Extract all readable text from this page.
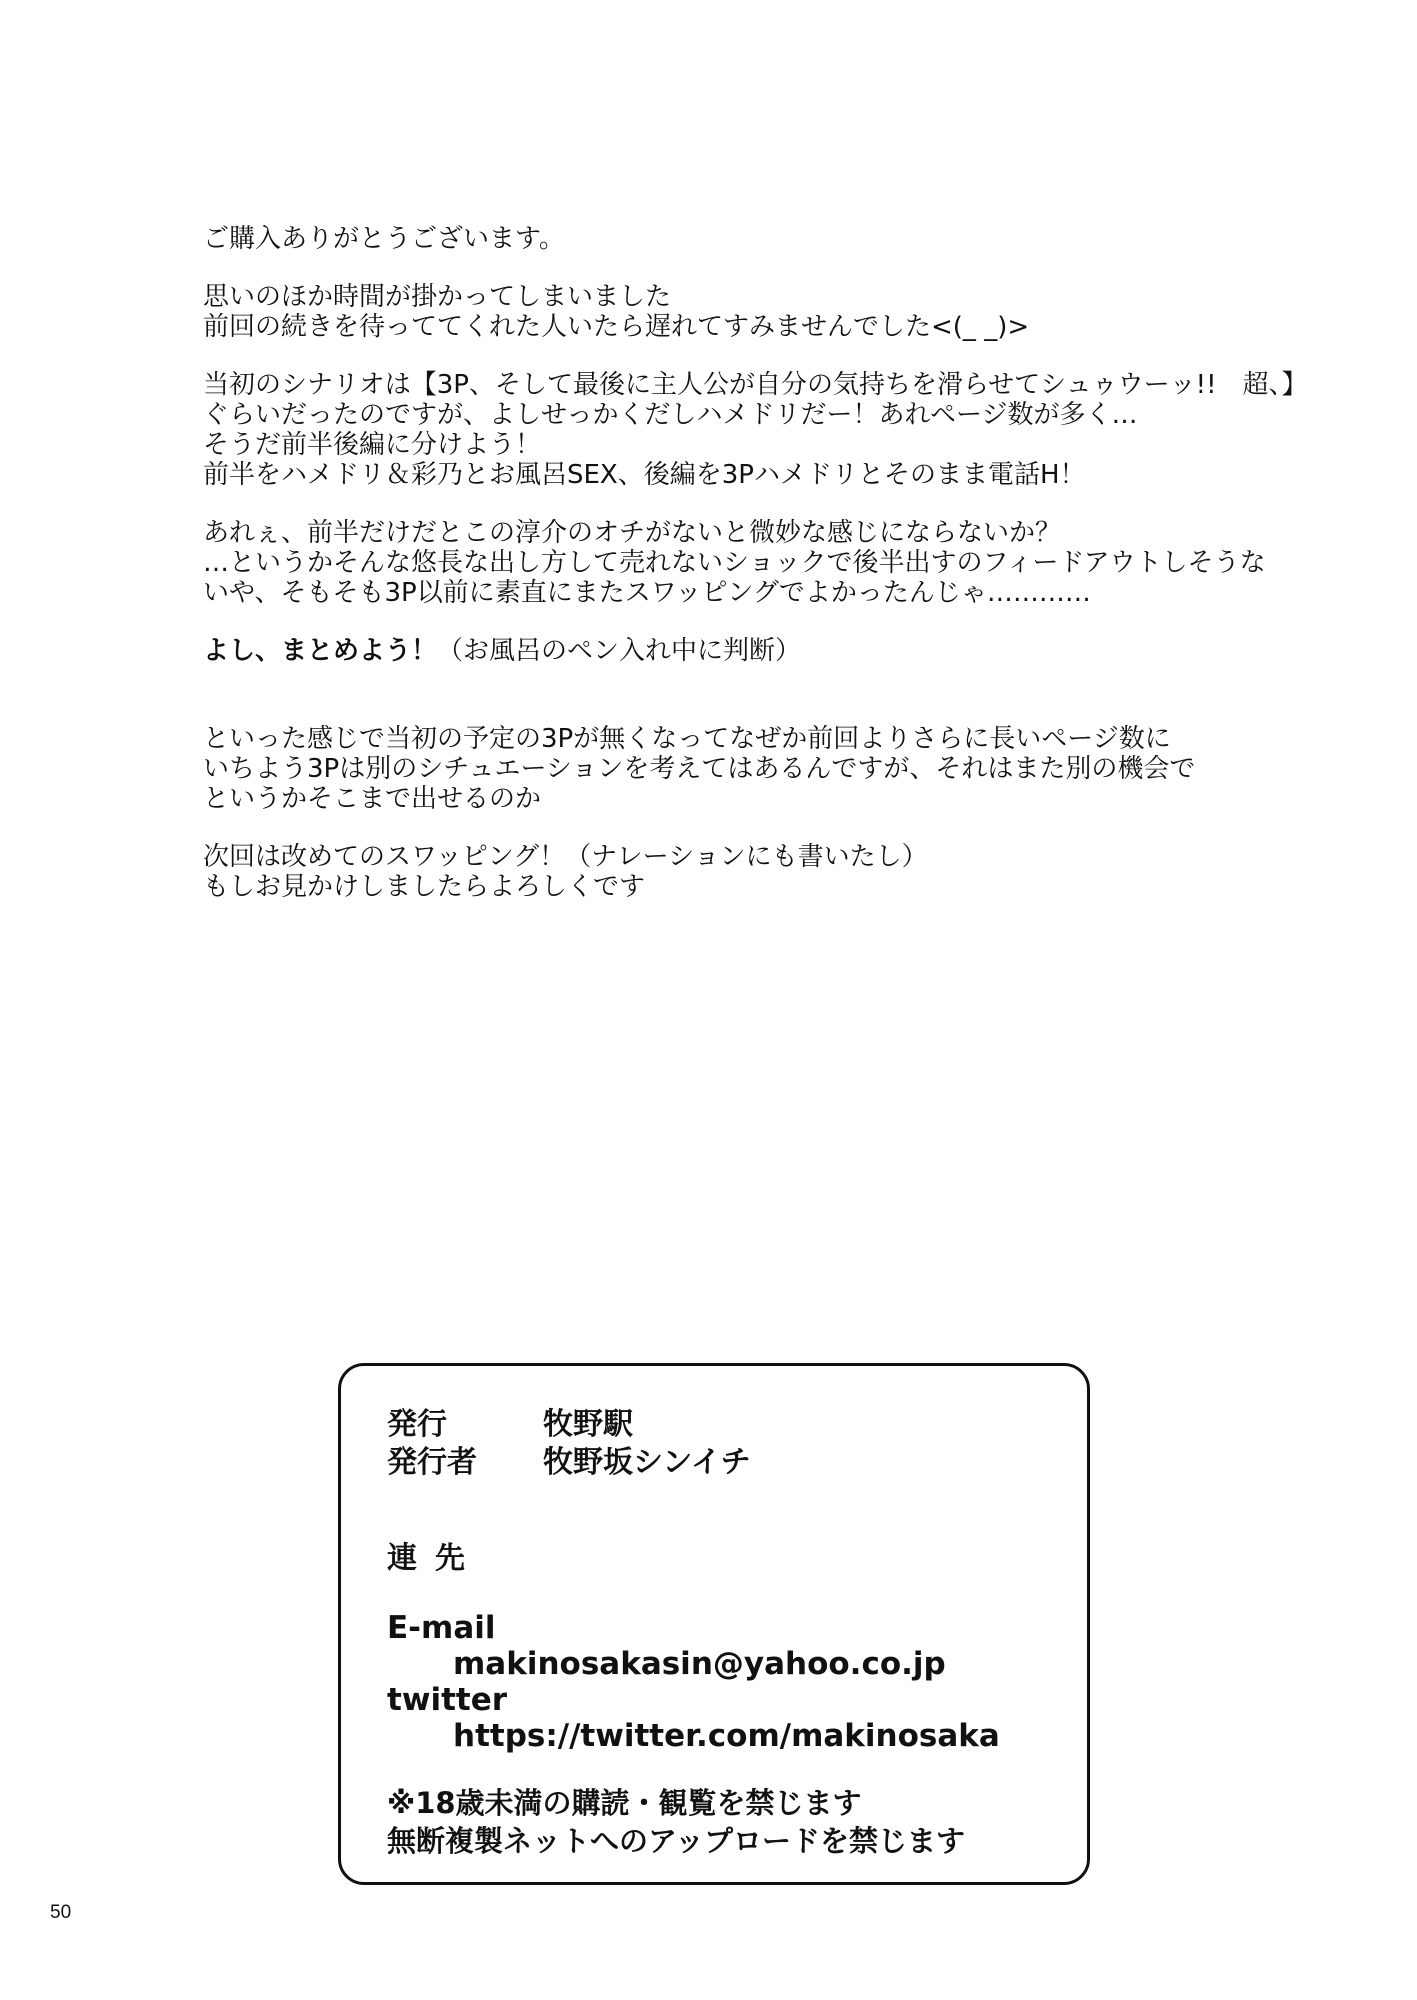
ご購入ありがとうございます。
思いのほか時間が掛かってしまいました
前回の続きを待っててくれた人いたら遅れてすみませんでした<(_ _)>
当初のシナリオは【3P、そして最後に主人公が自分の気持ちを滑らせてシュゥウーッ!!　超、】
ぐらいだったのですが、よしせっかくだしハメドリだー！あれページ数が多く…
そうだ前半後編に分けよう！
前半をハメドリ＆彩乃とお風呂SEX、後編を3Pハメドリとそのまま電話H！
あれぇ、前半だけだとこの淳介のオチがないと微妙な感じにならないか？
…というかそんな悠長な出し方して売れないショックで後半出すのフィードアウトしそうな
いや、そもそも3P以前に素直にまたスワッピングでよかったんじゃ…………
よし、まとめよう！（お風呂のペン入れ中に判断）
といった感じで当初の予定の3Pが無くなってなぜか前回よりさらに長いページ数に
いちよう3Pは別のシチュエーションを考えてはあるんですが、それはまた別の機会で
というかそこまで出せるのか
次回は改めてのスワッピング！（ナレーションにも書いたし）
もしお見かけしましたらよろしくです
発行	牧野駅
発行者	牧野坂シンイチ
連先
E-mail
makinosakasin@yahoo.co.jp
twitter
https://twitter.com/makinosaka
※18歳未満の購読・観覧を禁じます
無断複製ネットへのアップロードを禁じます
50
